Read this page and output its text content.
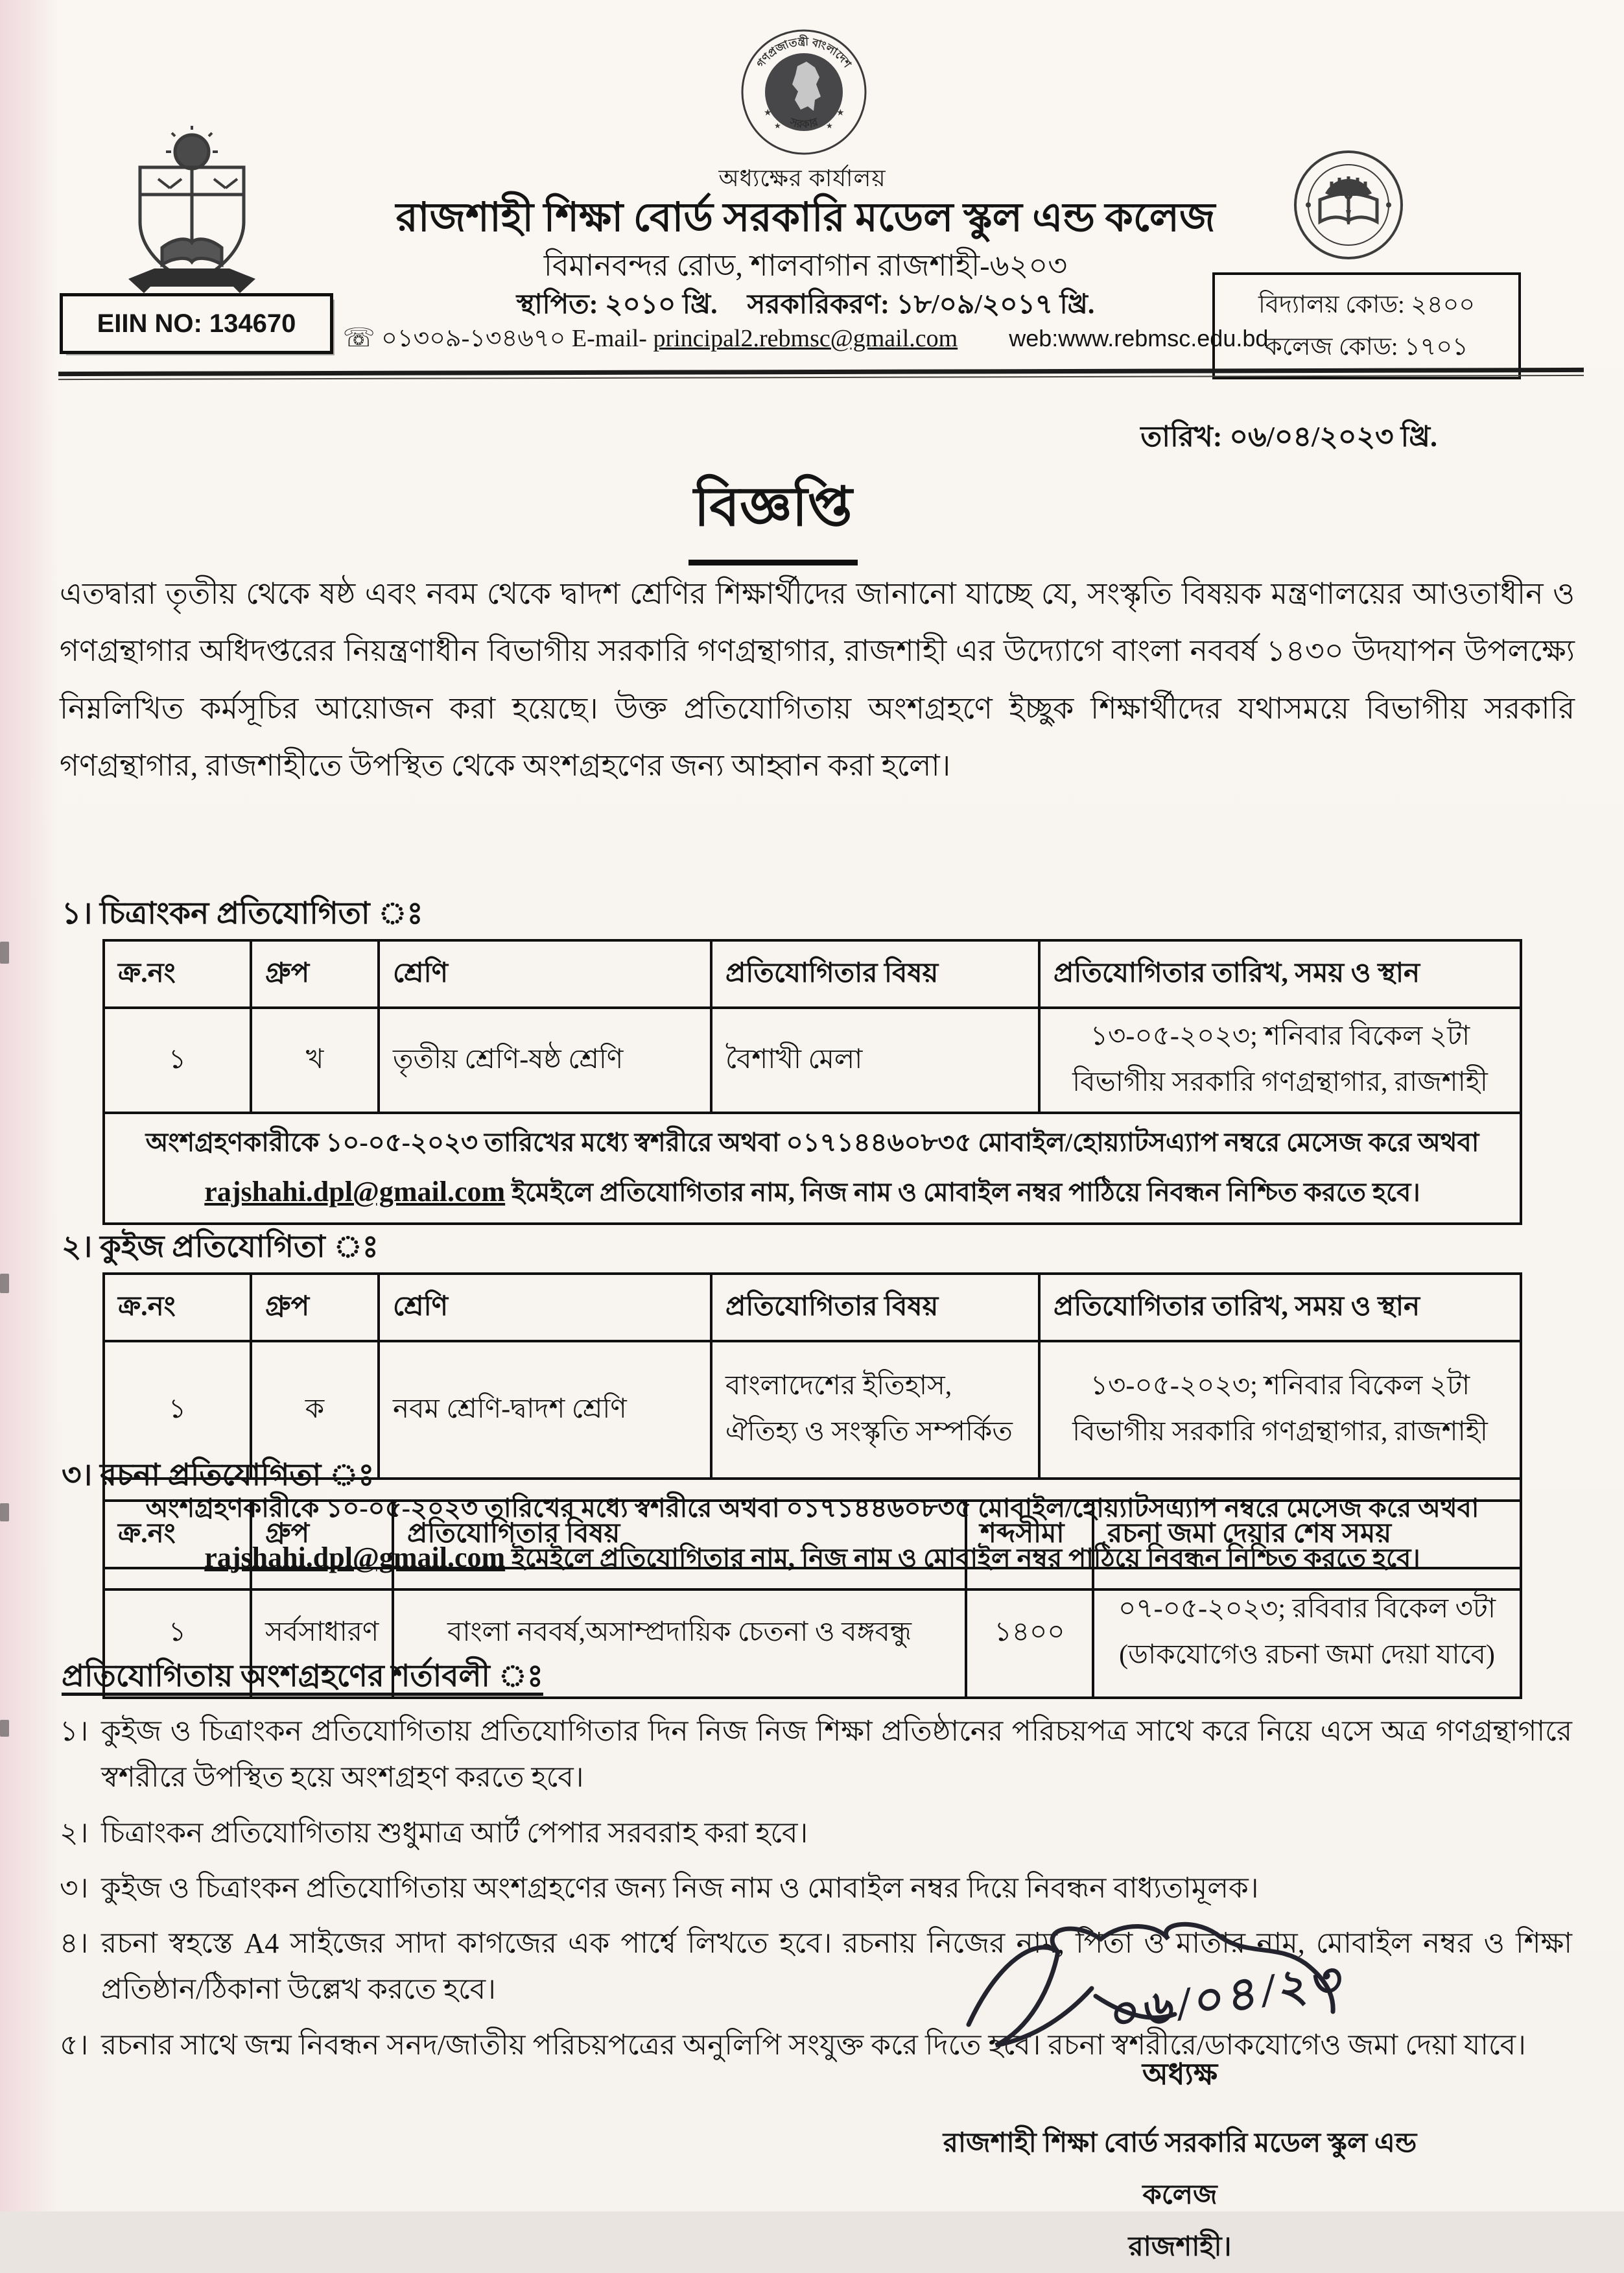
★	★
★	★
গণপ্রজাতন্ত্রী বাংলাদেশ
সরকার
অধ্যক্ষের কার্যালয়
রাজশাহী শিক্ষা বোর্ড সরকারি মডেল স্কুল এন্ড কলেজ
বিমানবন্দর রোড, শালবাগান রাজশাহী-৬২০৩
স্থাপিত: ২০১০ খ্রি. সরকারিকরণ: ১৮/০৯/২০১৭ খ্রি.
☏ ০১৩০৯-১৩৪৬৭০ E-mail- principal2.rebmsc@gmail.com web:www.rebmsc.edu.bd
EIIN NO: 134670
বিদ্যালয় কোড: ২৪০০
কলেজ কোড: ১৭০১
তারিখ: ০৬/০৪/২০২৩ খ্রি.
বিজ্ঞপ্তি
এতদ্বারা তৃতীয় থেকে ষষ্ঠ এবং নবম থেকে দ্বাদশ শ্রেণির শিক্ষার্থীদের জানানো যাচ্ছে যে, সংস্কৃতি বিষয়ক মন্ত্রণালয়ের আওতাধীন ও গণগ্রন্থাগার অধিদপ্তরের নিয়ন্ত্রণাধীন বিভাগীয় সরকারি গণগ্রন্থাগার, রাজশাহী এর উদ্যোগে বাংলা নববর্ষ ১৪৩০ উদযাপন উপলক্ষ্যে নিম্নলিখিত কর্মসূচির আয়োজন করা হয়েছে। উক্ত প্রতিযোগিতায় অংশগ্রহণে ইচ্ছুক শিক্ষার্থীদের যথাসময়ে বিভাগীয় সরকারি গণগ্রন্থাগার, রাজশাহীতে উপস্থিত থেকে অংশগ্রহণের জন্য আহ্বান করা হলো।
১। চিত্রাংকন প্রতিযোগিতা ঃ
ক্র.নং	গ্রুপ	শ্রেণি	প্রতিযোগিতার বিষয়	প্রতিযোগিতার তারিখ, সময় ও স্থান
১	খ	তৃতীয় শ্রেণি-ষষ্ঠ শ্রেণি	বৈশাখী মেলা	১৩-০৫-২০২৩; শনিবার বিকেল ২টা
বিভাগীয় সরকারি গণগ্রন্থাগার, রাজশাহী

অংশগ্রহণকারীকে ১০-০৫-২০২৩ তারিখের মধ্যে স্বশরীরে অথবা ০১৭১৪৪৬০৮৩৫ মোবাইল/হোয়্যাটসএ্যাপ নম্বরে মেসেজ করে অথবা rajshahi.dpl@gmail.com ইমেইলে প্রতিযোগিতার নাম, নিজ নাম ও মোবাইল নম্বর পাঠিয়ে নিবন্ধন নিশ্চিত করতে হবে।				
২। কুইজ প্রতিযোগিতা ঃ
ক্র.নং	গ্রুপ	শ্রেণি	প্রতিযোগিতার বিষয়	প্রতিযোগিতার তারিখ, সময় ও স্থান
১	ক	নবম শ্রেণি-দ্বাদশ শ্রেণি	বাংলাদেশের ইতিহাস, ঐতিহ্য ও সংস্কৃতি সম্পর্কিত	১৩-০৫-২০২৩; শনিবার বিকেল ২টা
বিভাগীয় সরকারি গণগ্রন্থাগার, রাজশাহী

অংশগ্রহণকারীকে ১০-০৫-২০২৩ তারিখের মধ্যে স্বশরীরে অথবা ০১৭১৪৪৬০৮৩৫ মোবাইল/হোয়্যাটসএ্যাপ নম্বরে মেসেজ করে অথবা rajshahi.dpl@gmail.com ইমেইলে প্রতিযোগিতার নাম, নিজ নাম ও মোবাইল নম্বর পাঠিয়ে নিবন্ধন নিশ্চিত করতে হবে।				
৩। রচনা প্রতিযোগিতা ঃ
ক্র.নং	গ্রুপ	প্রতিযোগিতার বিষয়	শব্দসীমা	রচনা জমা দেয়ার শেষ সময়
১	সর্বসাধারণ	বাংলা নববর্ষ,অসাম্প্রদায়িক চেতনা ও বঙ্গবন্ধু	১৪০০	০৭-০৫-২০২৩; রবিবার বিকেল ৩টা
(ডাকযোগেও রচনা জমা দেয়া যাবে)
প্রতিযোগিতায় অংশগ্রহণের শর্তাবলী ঃ
১। কুইজ ও চিত্রাংকন প্রতিযোগিতায় প্রতিযোগিতার দিন নিজ নিজ শিক্ষা প্রতিষ্ঠানের পরিচয়পত্র সাথে করে নিয়ে এসে অত্র গণগ্রন্থাগারে স্বশরীরে উপস্থিত হয়ে অংশগ্রহণ করতে হবে।
২। চিত্রাংকন প্রতিযোগিতায় শুধুমাত্র আর্ট পেপার সরবরাহ করা হবে।
৩। কুইজ ও চিত্রাংকন প্রতিযোগিতায় অংশগ্রহণের জন্য নিজ নাম ও মোবাইল নম্বর দিয়ে নিবন্ধন বাধ্যতামূলক।
৪। রচনা স্বহস্তে A4 সাইজের সাদা কাগজের এক পার্শ্বে লিখতে হবে। রচনায় নিজের নাম, পিতা ও মাতার নাম, মোবাইল নম্বর ও শিক্ষা প্রতিষ্ঠান/ঠিকানা উল্লেখ করতে হবে।
৫। রচনার সাথে জন্ম নিবন্ধন সনদ/জাতীয় পরিচয়পত্রের অনুলিপি সংযুক্ত করে দিতে হবে। রচনা স্বশরীরে/ডাকযোগেও জমা দেয়া যাবে।
০৬/০৪/২৩
অধ্যক্ষ
রাজশাহী শিক্ষা বোর্ড সরকারি মডেল স্কুল এন্ড কলেজ
রাজশাহী।
